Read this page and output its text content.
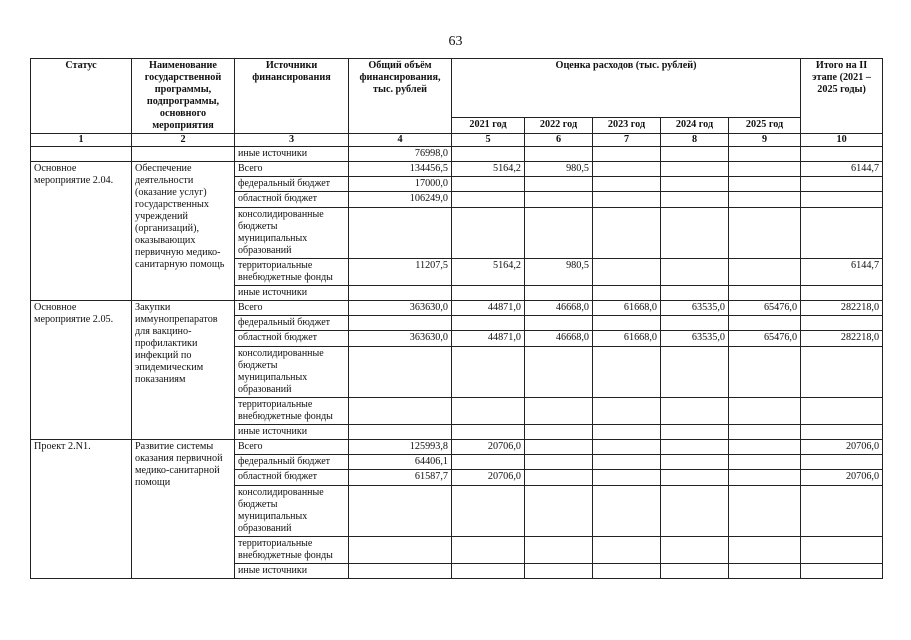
63
Статус	Наименование государственной программы, подпрограммы, основного мероприятия	Источники финансирования	Общий объём финансирования, тыс. рублей	Оценка расходов (тыс. рублей)					Итого на II этапе (2021 – 2025 годы)
				2021 год	2022 год	2023 год	2024 год	2025 год	
1	2	3	4	5	6	7	8	9	10
		иные источники	76998,0						
Основное мероприятие 2.04.	Обеспечение деятельности (оказание услуг) государственных учреждений (организаций), оказывающих первичную медико-санитарную помощь	Всего	134456,5	5164,2	980,5				6144,7
		федеральный бюджет	17000,0						
		областной бюджет	106249,0						
		консолидированные бюджеты муниципальных образований							
		территориальные внебюджетные фонды	11207,5	5164,2	980,5				6144,7
		иные источники							
Основное мероприятие 2.05.	Закупки иммунопрепаратов для вакцино-профилактики инфекций по эпидемическим показаниям	Всего	363630,0	44871,0	46668,0	61668,0	63535,0	65476,0	282218,0
		федеральный бюджет							
		областной бюджет	363630,0	44871,0	46668,0	61668,0	63535,0	65476,0	282218,0
		консолидированные бюджеты муниципальных образований							
		территориальные внебюджетные фонды							
		иные источники							
Проект 2.N1.	Развитие системы оказания первичной медико-санитарной помощи	Всего	125993,8	20706,0					20706,0
		федеральный бюджет	64406,1						
		областной бюджет	61587,7	20706,0					20706,0
		консолидированные бюджеты муниципальных образований							
		территориальные внебюджетные фонды							
		иные источники							
